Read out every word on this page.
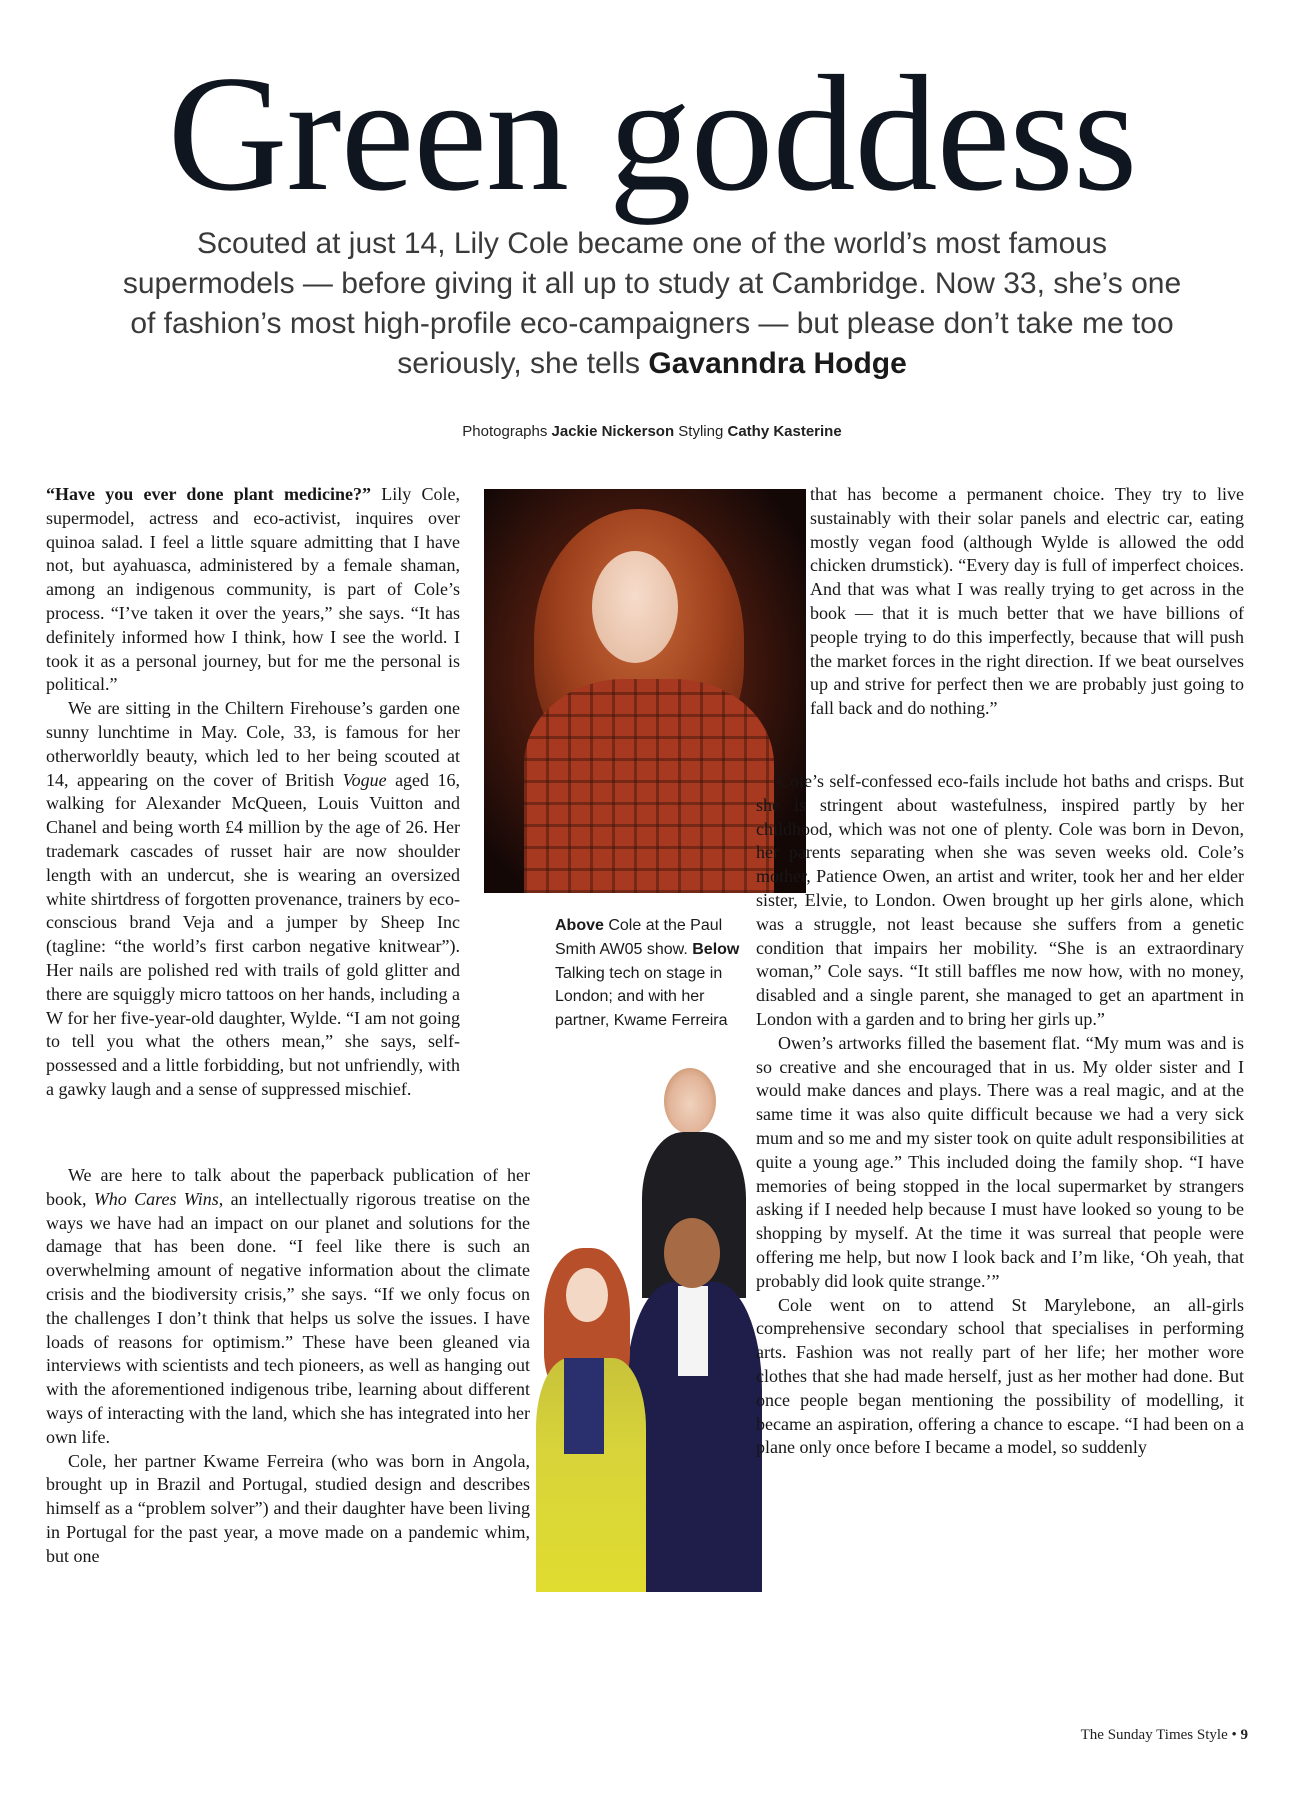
Green goddess
Scouted at just 14, Lily Cole became one of the world’s most famous supermodels — before giving it all up to study at Cambridge. Now 33, she’s one of fashion’s most high-profile eco-campaigners — but please don’t take me too seriously, she tells Gavanndra Hodge
Photographs Jackie Nickerson Styling Cathy Kasterine

“Have you ever done plant medicine?” Lily Cole, supermodel, actress and eco-activist, inquires over quinoa salad. I feel a little square admitting that I have not, but ayahuasca, administered by a female shaman, among an indigenous community, is part of Cole’s process. “I’ve taken it over the years,” she says. “It has definitely informed how I think, how I see the world. I took it as a personal journey, but for me the personal is political.”

We are sitting in the Chiltern Firehouse’s garden one sunny lunchtime in May. Cole, 33, is famous for her otherworldly beauty, which led to her being scouted at 14, appearing on the cover of British Vogue aged 16, walking for Alexander McQueen, Louis Vuitton and Chanel and being worth £4 million by the age of 26. Her trademark cascades of russet hair are now shoulder length with an undercut, she is wearing an oversized white shirtdress of forgotten provenance, trainers by eco-conscious brand Veja and a jumper by Sheep Inc (tagline: “the world’s first carbon negative knitwear”). Her nails are polished red with trails of gold glitter and there are squiggly micro tattoos on her hands, including a W for her five-year-old daughter, Wylde. “I am not going to tell you what the others mean,” she says, self-possessed and a little forbidding, but not unfriendly, with a gawky laugh and a sense of suppressed mischief.

We are here to talk about the paperback publication of her book, Who Cares Wins, an intellectually rigorous treatise on the ways we have had an impact on our planet and solutions for the damage that has been done. “I feel like there is such an overwhelming amount of negative information about the climate crisis and the biodiversity crisis,” she says. “If we only focus on the challenges I don’t think that helps us solve the issues. I have loads of reasons for optimism.” These have been gleaned via interviews with scientists and tech pioneers, as well as hanging out with the aforementioned indigenous tribe, learning about different ways of interacting with the land, which she has integrated into her own life.

Cole, her partner Kwame Ferreira (who was born in Angola, brought up in Brazil and Portugal, studied design and describes himself as a “problem solver”) and their daughter have been living in Portugal for the past year, a move made on a pandemic whim, but one

Above Cole at the Paul Smith AW05 show. Below Talking tech on stage in London; and with her partner, Kwame Ferreira

that has become a permanent choice. They try to live sustainably with their solar panels and electric car, eating mostly vegan food (although Wylde is allowed the odd chicken drumstick). “Every day is full of imperfect choices. And that was what I was really trying to get across in the book — that it is much better that we have billions of people trying to do this imperfectly, because that will push the market forces in the right direction. If we beat ourselves up and strive for perfect then we are probably just going to fall back and do nothing.”

Cole’s self-confessed eco-fails include hot baths and crisps. But she is stringent about wastefulness, inspired partly by her childhood, which was not one of plenty. Cole was born in Devon, her parents separating when she was seven weeks old. Cole’s mother, Patience Owen, an artist and writer, took her and her elder sister, Elvie, to London. Owen brought up her girls alone, which was a struggle, not least because she suffers from a genetic condition that impairs her mobility. “She is an extraordinary woman,” Cole says. “It still baffles me now how, with no money, disabled and a single parent, she managed to get an apartment in London with a garden and to bring her girls up.”

Owen’s artworks filled the basement flat. “My mum was and is so creative and she encouraged that in us. My older sister and I would make dances and plays. There was a real magic, and at the same time it was also quite difficult because we had a very sick mum and so me and my sister took on quite adult responsibilities at quite a young age.” This included doing the family shop. “I have memories of being stopped in the local supermarket by strangers asking if I needed help because I must have looked so young to be shopping by myself. At the time it was surreal that people were offering me help, but now I look back and I’m like, ‘Oh yeah, that probably did look quite strange.’”

Cole went on to attend St Marylebone, an all-girls comprehensive secondary school that specialises in performing arts. Fashion was not really part of her life; her mother wore clothes that she had made herself, just as her mother had done. But once people began mentioning the possibility of modelling, it became an aspiration, offering a chance to escape. “I had been on a plane only once before I became a model, so suddenly

The Sunday Times Style • 9
